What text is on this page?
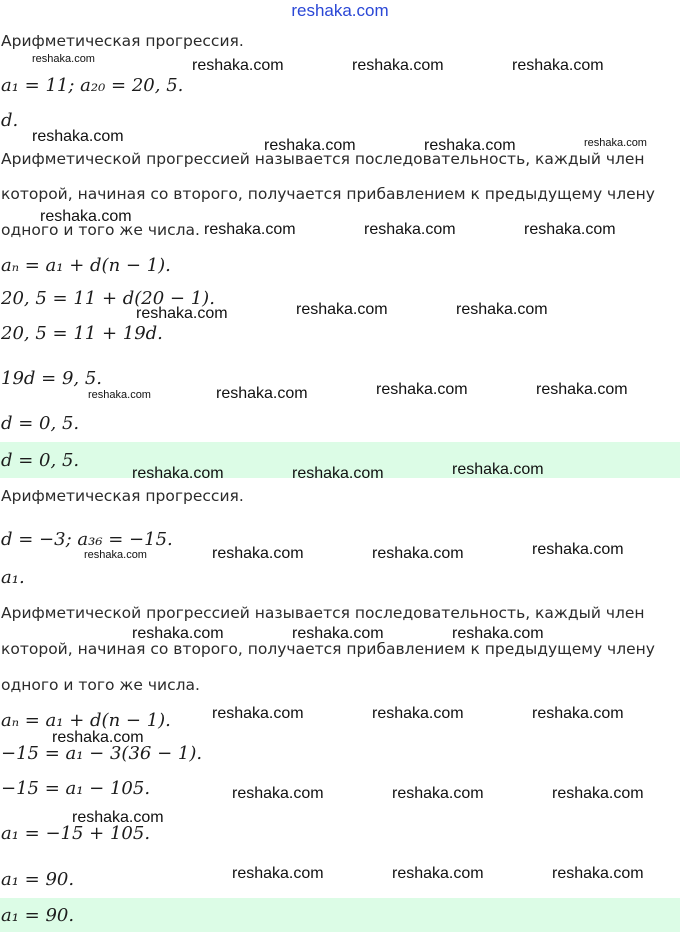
reshaka.com
Арифметическая прогрессия.
a₁ = 11; a₂₀ = 20, 5.
d.
Арифметической прогрессией называется последовательность, каждый член
которой, начиная со второго, получается прибавлением к предыдущему члену
одного и того же числа.
aₙ = a₁ + d(n − 1).
20, 5 = 11 + d(20 − 1).
20, 5 = 11 + 19d.
19d = 9, 5.
d = 0, 5.
d = 0, 5.
Арифметическая прогрессия.
d = −3; a₃₆ = −15.
a₁.
Арифметической прогрессией называется последовательность, каждый член
которой, начиная со второго, получается прибавлением к предыдущему члену
одного и того же числа.
aₙ = a₁ + d(n − 1).
−15 = a₁ − 3(36 − 1).
−15 = a₁ − 105.
a₁ = −15 + 105.
a₁ = 90.
a₁ = 90.
reshaka.com	reshaka.com	reshaka.com	reshaka.com
reshaka.com
reshaka.com	reshaka.com	reshaka.com
reshaka.com
reshaka.com	reshaka.com	reshaka.com
reshaka.com	reshaka.com	reshaka.com
reshaka.com	reshaka.com	reshaka.com	reshaka.com
reshaka.com	reshaka.com	reshaka.com
reshaka.com	reshaka.com	reshaka.com	reshaka.com
reshaka.com	reshaka.com	reshaka.com
reshaka.com	reshaka.com	reshaka.com
reshaka.com
reshaka.com	reshaka.com	reshaka.com
reshaka.com
reshaka.com	reshaka.com	reshaka.com
